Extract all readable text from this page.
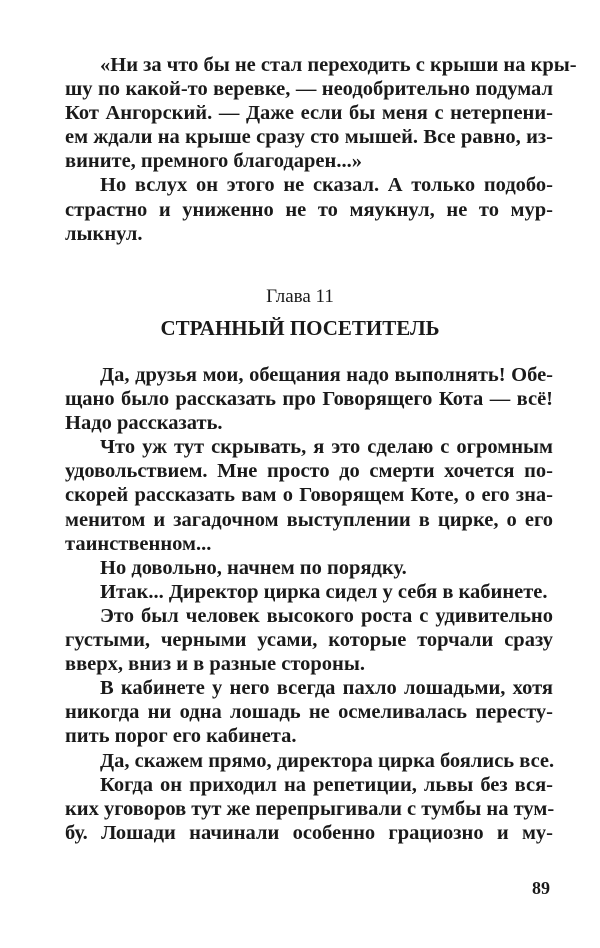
«Ни за что бы не стал переходить с крыши на кры-
шу по какой-то веревке, — неодобрительно подумал
Кот Ангорский. — Даже если бы меня с нетерпени-
ем ждали на крыше сразу сто мышей. Все равно, из-
вините, премного благодарен...»
Но вслух он этого не сказал. А только подобо-
страстно и униженно не то мяукнул, не то мур-
лыкнул.
Глава 11
СТРАННЫЙ ПОСЕТИТЕЛЬ
Да, друзья мои, обещания надо выполнять! Обе-
щано было рассказать про Говорящего Кота — всё!
Надо рассказать.
Что уж тут скрывать, я это сделаю с огромным
удовольствием. Мне просто до смерти хочется по-
скорей рассказать вам о Говорящем Коте, о его зна-
менитом и загадочном выступлении в цирке, о его
таинственном...
Но довольно, начнем по порядку.
Итак... Директор цирка сидел у себя в кабинете.
Это был человек высокого роста с удивительно
густыми, черными усами, которые торчали сразу
вверх, вниз и в разные стороны.
В кабинете у него всегда пахло лошадьми, хотя
никогда ни одна лошадь не осмеливалась пересту-
пить порог его кабинета.
Да, скажем прямо, директора цирка боялись все.
Когда он приходил на репетиции, львы без вся-
ких уговоров тут же перепрыгивали с тумбы на тум-
бу. Лошади начинали особенно грациозно и му-
89
